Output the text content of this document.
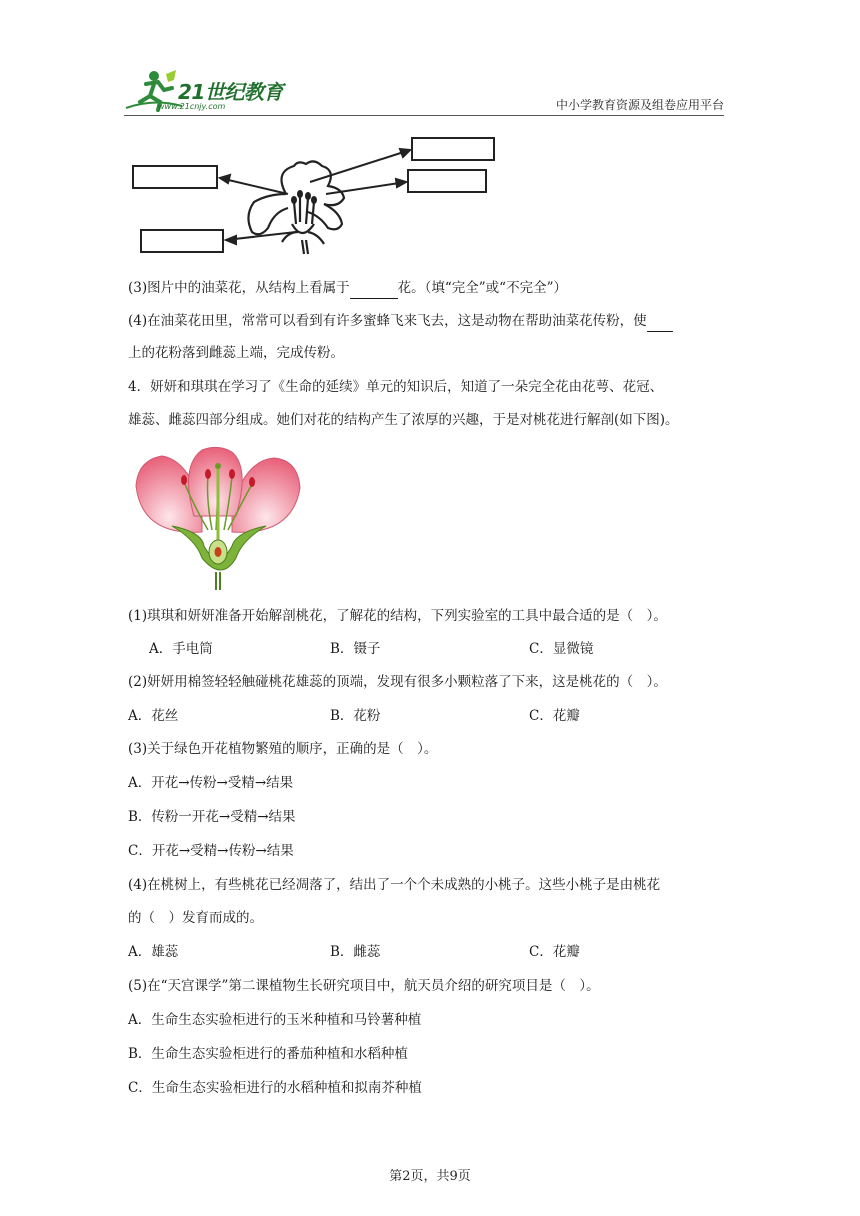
21世纪教育
www.21cnjy.com	中小学教育资源及组卷应用平台
(3)图片中的油菜花，从结构上看属于	花。（填“完全”或“不完全”）
(4)在油菜花田里，常常可以看到有许多蜜蜂飞来飞去，这是动物在帮助油菜花传粉，使
上的花粉落到雌蕊上端，完成传粉。
4．妍妍和琪琪在学习了《生命的延续》单元的知识后，知道了一朵完全花由花萼、花冠、
雄蕊、雌蕊四部分组成。她们对花的结构产生了浓厚的兴趣，于是对桃花进行解剖(如下图)。
(1)琪琪和妍妍准备开始解剖桃花，了解花的结构，下列实验室的工具中最合适的是（　）。
A．手电筒	B．镊子	C．显微镜
(2)妍妍用棉签轻轻触碰桃花雄蕊的顶端，发现有很多小颗粒落了下来，这是桃花的（　）。
A．花丝	B．花粉	C．花瓣
(3)关于绿色开花植物繁殖的顺序，正确的是（　）。
A．开花→传粉→受精→结果
B．传粉一开花→受精→结果
C．开花→受精→传粉→结果
(4)在桃树上，有些桃花已经凋落了，结出了一个个未成熟的小桃子。这些小桃子是由桃花
的（　）发育而成的。
A．雄蕊	B．雌蕊	C．花瓣
(5)在“天宫课学”第二课植物生长研究项目中，航天员介绍的研究项目是（　）。
A．生命生态实验柜进行的玉米种植和马铃薯种植
B．生命生态实验柜进行的番茄种植和水稻种植
C．生命生态实验柜进行的水稻种植和拟南芥种植
第2页，共9页
